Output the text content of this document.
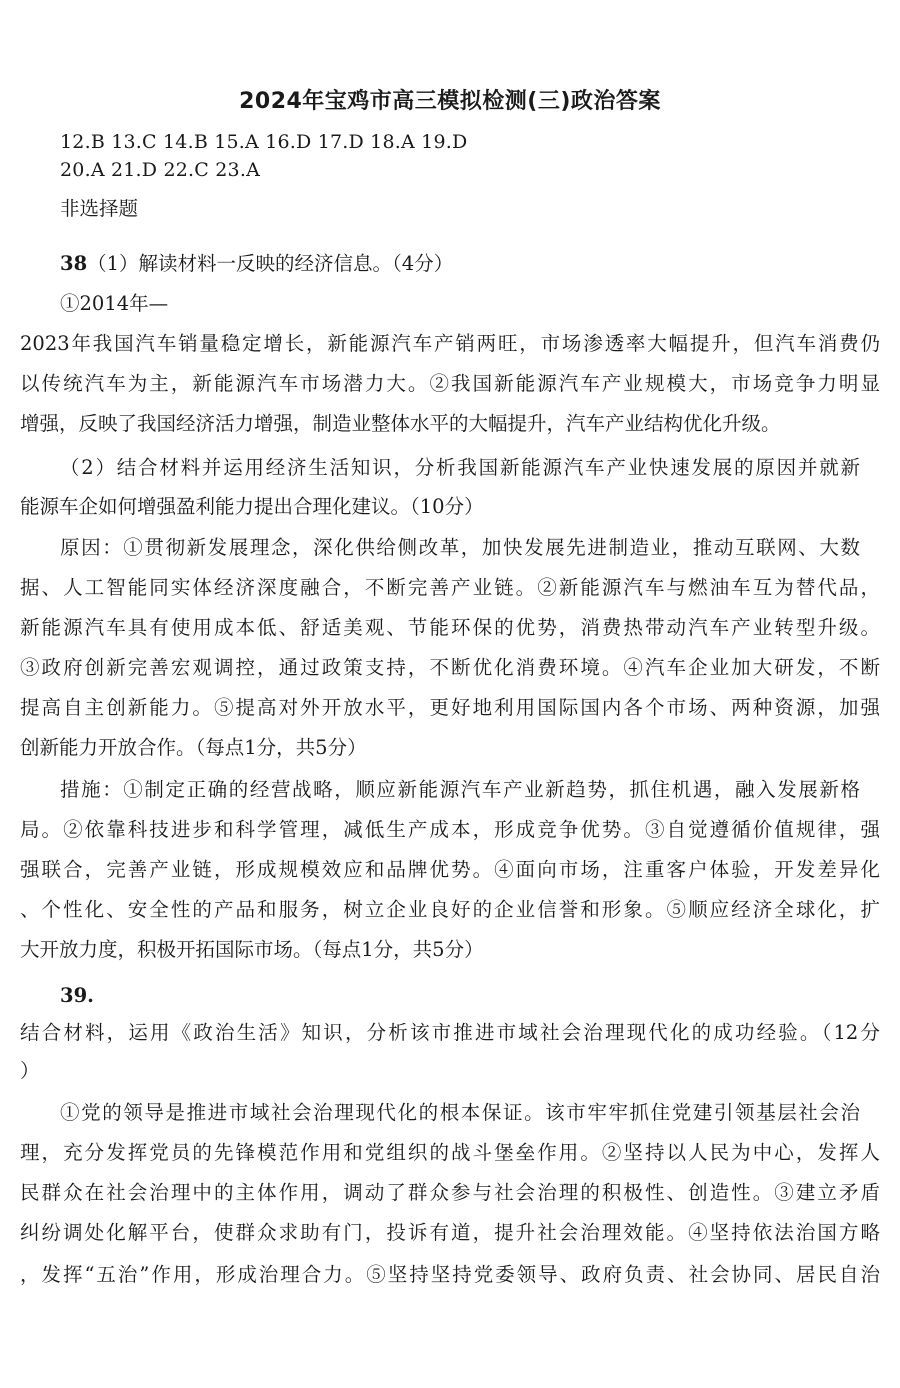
2024年宝鸡市高三模拟检测(三)政治答案
12.B 13.C 14.B 15.A 16.D 17.D 18.A 19.D
20.A 21.D 22.C 23.A
非选择题
38（1）解读材料一反映的经济信息。（4分）
①2014年—
2023年我国汽车销量稳定增长，新能源汽车产销两旺，市场渗透率大幅提升，但汽车消费仍
以传统汽车为主，新能源汽车市场潜力大。②我国新能源汽车产业规模大，市场竞争力明显
增强，反映了我国经济活力增强，制造业整体水平的大幅提升，汽车产业结构优化升级。
（2）结合材料并运用经济生活知识，分析我国新能源汽车产业快速发展的原因并就新
能源车企如何增强盈利能力提出合理化建议。（10分）
原因：①贯彻新发展理念，深化供给侧改革，加快发展先进制造业，推动互联网、大数
据、人工智能同实体经济深度融合，不断完善产业链。②新能源汽车与燃油车互为替代品，
新能源汽车具有使用成本低、舒适美观、节能环保的优势，消费热带动汽车产业转型升级。
③政府创新完善宏观调控，通过政策支持，不断优化消费环境。④汽车企业加大研发，不断
提高自主创新能力。⑤提高对外开放水平，更好地利用国际国内各个市场、两种资源，加强
创新能力开放合作。（每点1分，共5分）
措施：①制定正确的经营战略，顺应新能源汽车产业新趋势，抓住机遇，融入发展新格
局。②依靠科技进步和科学管理，减低生产成本，形成竞争优势。③自觉遵循价值规律，强
强联合，完善产业链，形成规模效应和品牌优势。④面向市场，注重客户体验，开发差异化
、个性化、安全性的产品和服务，树立企业良好的企业信誉和形象。⑤顺应经济全球化，扩
大开放力度，积极开拓国际市场。（每点1分，共5分）
39.
结合材料，运用《政治生活》知识，分析该市推进市域社会治理现代化的成功经验。（12分
）
①党的领导是推进市域社会治理现代化的根本保证。该市牢牢抓住党建引领基层社会治
理，充分发挥党员的先锋模范作用和党组织的战斗堡垒作用。②坚持以人民为中心，发挥人
民群众在社会治理中的主体作用，调动了群众参与社会治理的积极性、创造性。③建立矛盾
纠纷调处化解平台，使群众求助有门，投诉有道，提升社会治理效能。④坚持依法治国方略
，发挥“五治”作用，形成治理合力。⑤坚持坚持党委领导、政府负责、社会协同、居民自治
